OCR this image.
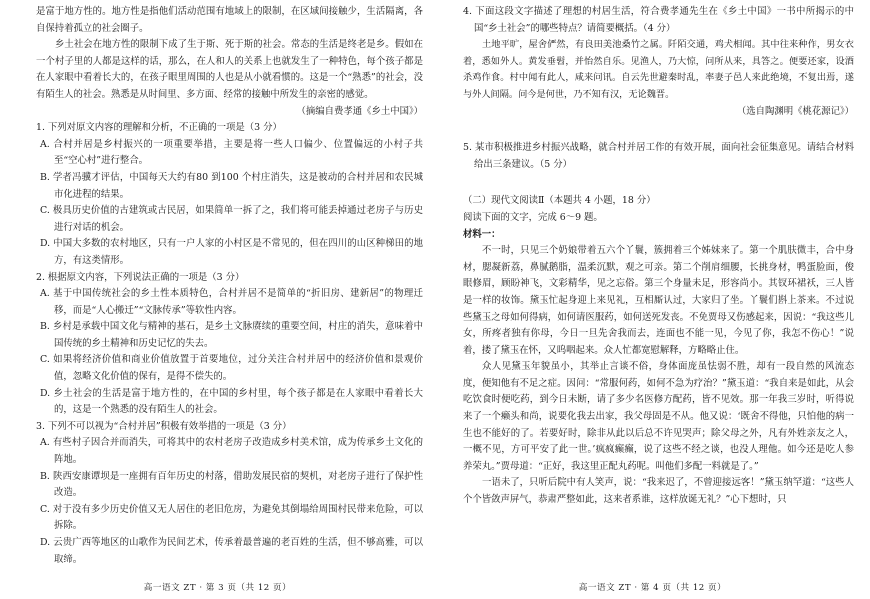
是富于地方性的。地方性是指他们活动范围有地域上的限制，在区域间接触少，生活隔离，各自保持着孤立的社会圈子。

乡土社会在地方性的限制下成了生于斯、死于斯的社会。常态的生活是终老是乡。假如在一个村子里的人都是这样的话，那么，在人和人的关系上也就发生了一种特色，每个孩子都是在人家眼中看着长大的，在孩子眼里周围的人也是从小就看惯的。这是一个“熟悉”的社会，没有陌生人的社会。熟悉是从时间里、多方面、经常的接触中所发生的亲密的感觉。

（摘编自费孝通《乡土中国》）

1. 下列对原文内容的理解和分析，不正确的一项是（3 分）

A. 合村并居是乡村振兴的一项重要举措，主要是将一些人口偏少、位置偏远的小村子共至“空心村”进行整合。

B. 学者冯骥才评估，中国每天大约有80 到100 个村庄消失，这是被动的合村并居和农民城市化进程的结果。

C. 极具历史价值的古建筑或古民居，如果简单一拆了之，我们将可能丢掉通过老房子与历史进行对话的机会。

D. 中国大多数的农村地区，只有一户人家的小村区是不常见的，但在四川的山区种梯田的地方，有这类情形。

2. 根据原文内容，下列说法正确的一项是（3 分）

A. 基于中国传统社会的乡土性本质特色，合村并居不是简单的“折旧房、建新居”的物理迁移，而是“人心搬迁”“文脉传承”等软性内容。

B. 乡村是承载中国文化与精神的基石，是乡土文脉赓续的重要空间，村庄的消失，意味着中国传统的乡土精神和历史记忆的失去。

C. 如果将经济价值和商业价值放置于首要地位，过分关注合村并居中的经济价值和景观价值，忽略文化价值的保有，是得不偿失的。

D. 乡土社会的生活是富于地方性的，在中国的乡村里，每个孩子都是在人家眼中看着长大的，这是一个熟悉的没有陌生人的社会。

3. 下列不可以视为“合村并居”积极有效举措的一项是（3 分）

A. 有些村子因合并而消失，可将其中的农村老房子改造成乡村美术馆，成为传承乡土文化的阵地。

B. 陕西安康谭坝是一座拥有百年历史的村落，借助发展民宿的契机，对老房子进行了保护性改造。

C. 对于没有多少历史价值又无人居住的老旧危房，为避免其倒塌给周围村民带来危险，可以拆除。

D. 云贵广西等地区的山歌作为民间艺术，传承着最普遍的老百姓的生活，但不够高雅，可以取缔。

高一语文 ZT · 第 3 页（共 12 页）

4. 下面这段文字描述了理想的村居生活，符合费孝通先生在《乡土中国》一书中所揭示的中国“乡土社会”的哪些特点？请简要概括。（4 分）

土地平旷，屋舍俨然，有良田美池桑竹之属。阡陌交通，鸡犬相闻。其中往来种作，男女衣着，悉如外人。黄发垂髫，并怡然自乐。见渔人，乃大惊，问所从来，具答之。便要还家，设酒杀鸡作食。村中闻有此人，咸来问讯。自云先世避秦时乱，率妻子邑人来此绝境，不复出焉，遂与外人间隔。问今是何世，乃不知有汉，无论魏晋。

（选自陶渊明《桃花源记》）

5. 某市积极推进乡村振兴战略，就合村并居工作的有效开展，面向社会征集意见。请结合材料给出三条建议。（5 分）

（二）现代文阅读Ⅱ（本题共 4 小题，18 分）

阅读下面的文字，完成 6～9 题。

材料一：

不一时，只见三个奶娘带着五六个丫鬟，簇拥着三个姊妹来了。第一个肌肤微丰，合中身材，腮凝新荔，鼻腻鹅脂，温柔沉默，观之可亲。第二个削肩细腰，长挑身材，鸭蛋脸面，俊眼修眉，顾盼神飞，文彩精华，见之忘俗。第三个身量未足，形容尚小。其钗环裙袄，三人皆是一样的妆饰。黛玉忙起身迎上来见礼，互相厮认过，大家归了坐。丫鬟们斟上茶来。不过说些黛玉之母如何得病，如何请医服药，如何送死发丧。不免贾母又伤感起来，因说：“我这些儿女，所疼者独有你母，今日一旦先舍我而去，连面也不能一见，今见了你，我怎不伤心！”说着，搂了黛玉在怀，又呜咽起来。众人忙都宽慰解释，方略略止住。

众人见黛玉年貌虽小，其举止言谈不俗，身体面庞虽怯弱不胜，却有一段自然的风流态度，便知他有不足之症。因问：“常服何药，如何不急为疗治？”黛玉道：“我自来是如此，从会吃饮食时便吃药，到今日未断，请了多少名医修方配药，皆不见效。那一年我三岁时，听得说来了一个癞头和尚，说要化我去出家，我父母固是不从。他又说：‘既舍不得他，只怕他的病一生也不能好的了。若要好时，除非从此以后总不许见哭声；除父母之外，凡有外姓亲友之人，一概不见，方可平安了此一世。’疯疯癫癫，说了这些不经之谈，也没人理他。如今还是吃人参养荣丸。”贾母道：“正好，我这里正配丸药呢。叫他们多配一料就是了。”

一语未了，只听后院中有人笑声，说：“我来迟了，不曾迎接远客！”黛玉纳罕道：“这些人个个皆敛声屏气，恭肃严整如此，这来者系谁，这样放诞无礼？”心下想时，只

高一语文 ZT · 第 4 页（共 12 页）
